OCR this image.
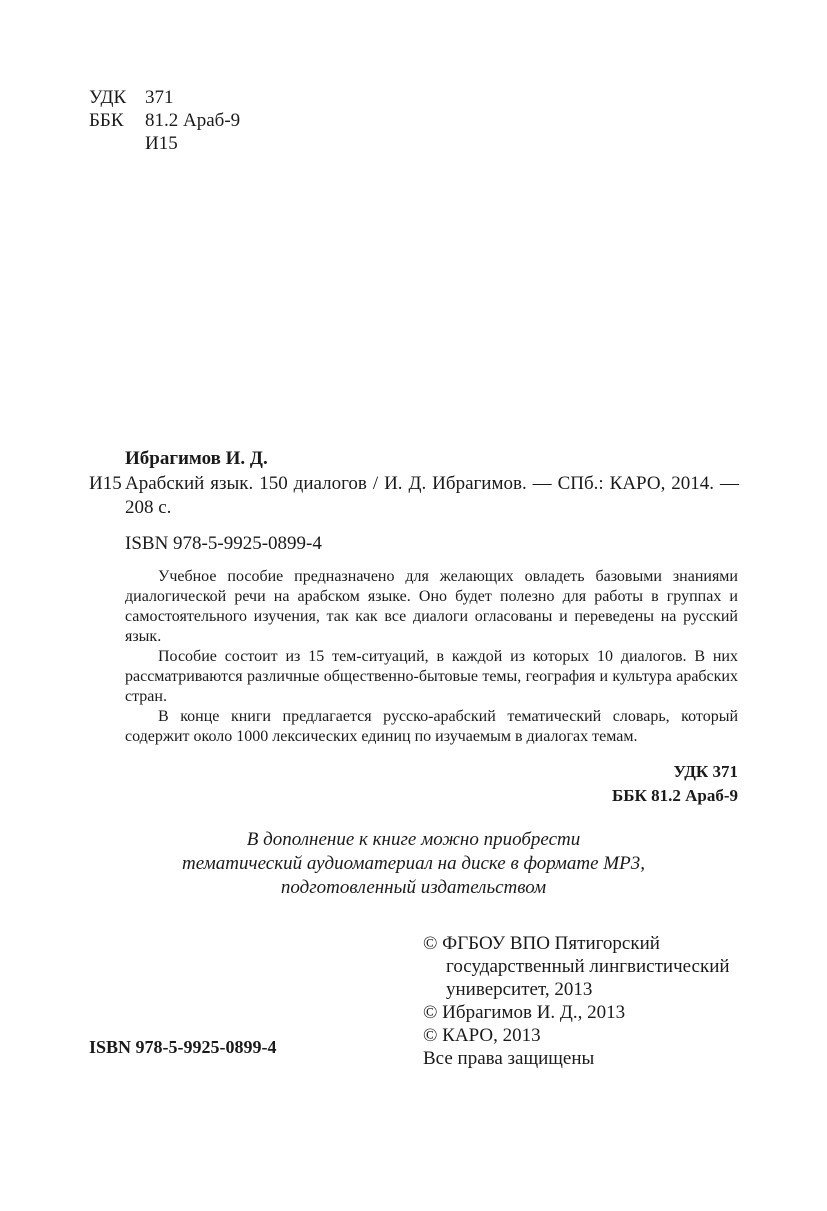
УДК 371
ББК	81.2 Араб-9
И15
Ибрагимов И. Д.
И15 Арабский язык. 150 диалогов / И. Д. Ибрагимов. — СПб.: КАРО, 2014. — 208 с.
ISBN 978-5-9925-0899-4

Учебное пособие предназначено для желающих овладеть базовыми знаниями диалогической речи на арабском языке. Оно будет полезно для работы в группах и самостоятельного изучения, так как все диалоги огласованы и переведены на русский язык.

Пособие состоит из 15 тем-ситуаций, в каждой из которых 10 диалогов. В них рассматриваются различные общественно-бытовые темы, география и культура арабских стран.

В конце книги предлагается русско-арабский тематический словарь, который содержит около 1000 лексических единиц по изучаемым в диалогах темам.

УДК 371
ББК 81.2 Араб-9
В дополнение к книге можно приобрести
тематический аудиоматериал на диске в формате MP3,
подготовленный издательством
© ФГБОУ ВПО Пятигорский
государственный лингвистический
университет, 2013
© Ибрагимов И. Д., 2013
© КАРО, 2013
Все права защищены
ISBN 978-5-9925-0899-4
